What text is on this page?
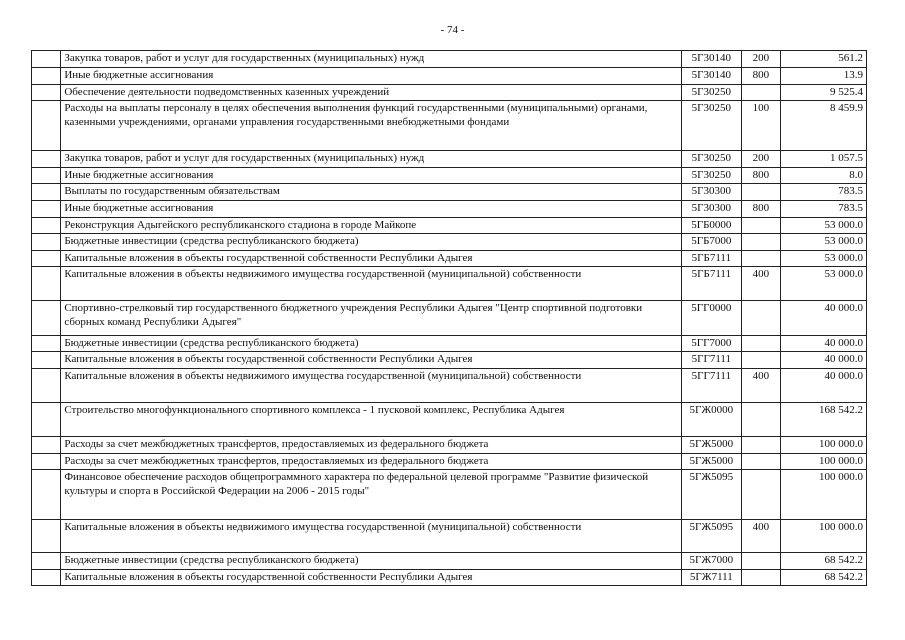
- 74 -
	Закупка товаров, работ и услуг для государственных (муниципальных) нужд	5Г30140	200	561.2
	Иные бюджетные ассигнования	5Г30140	800	13.9
	Обеспечение деятельности подведомственных казенных учреждений	5Г30250		9 525.4
	Расходы на выплаты персоналу в целях обеспечения выполнения функций государственными (муниципальными) органами, казенными учреждениями, органами управления государственными внебюджетными фондами	5Г30250	100	8 459.9
	Закупка товаров, работ и услуг для государственных (муниципальных) нужд	5Г30250	200	1 057.5
	Иные бюджетные ассигнования	5Г30250	800	8.0
	Выплаты по государственным обязательствам	5Г30300		783.5
	Иные бюджетные ассигнования	5Г30300	800	783.5
	Реконструкция Адыгейского республиканского стадиона в городе Майкопе	5ГБ0000		53 000.0
	Бюджетные инвестиции (средства республиканского бюджета)	5ГБ7000		53 000.0
	Капитальные вложения в объекты государственной собственности Республики Адыгея	5ГБ7111		53 000.0
	Капитальные вложения в объекты недвижимого имущества государственной (муниципальной) собственности	5ГБ7111	400	53 000.0
	Спортивно-стрелковый тир государственного бюджетного учреждения Республики Адыгея "Центр спортивной подготовки сборных команд Республики Адыгея"	5ГГ0000		40 000.0
	Бюджетные инвестиции (средства республиканского бюджета)	5ГГ7000		40 000.0
	Капитальные вложения в объекты государственной собственности Республики Адыгея	5ГГ7111		40 000.0
	Капитальные вложения в объекты недвижимого имущества государственной (муниципальной) собственности	5ГГ7111	400	40 000.0
	Строительство многофункционального спортивного комплекса - 1 пусковой комплекс, Республика Адыгея	5ГЖ0000		168 542.2
	Расходы за счет межбюджетных трансфертов, предоставляемых из федерального бюджета	5ГЖ5000		100 000.0
	Расходы за счет межбюджетных трансфертов, предоставляемых из федерального бюджета	5ГЖ5000		100 000.0
	Финансовое обеспечение расходов общепрограммного характера по федеральной целевой программе "Развитие физической культуры и спорта в Российской Федерации на 2006 - 2015 годы"	5ГЖ5095		100 000.0
	Капитальные вложения в объекты недвижимого имущества государственной (муниципальной) собственности	5ГЖ5095	400	100 000.0
	Бюджетные инвестиции (средства республиканского бюджета)	5ГЖ7000		68 542.2
	Капитальные вложения в объекты государственной собственности Республики Адыгея	5ГЖ7111		68 542.2
